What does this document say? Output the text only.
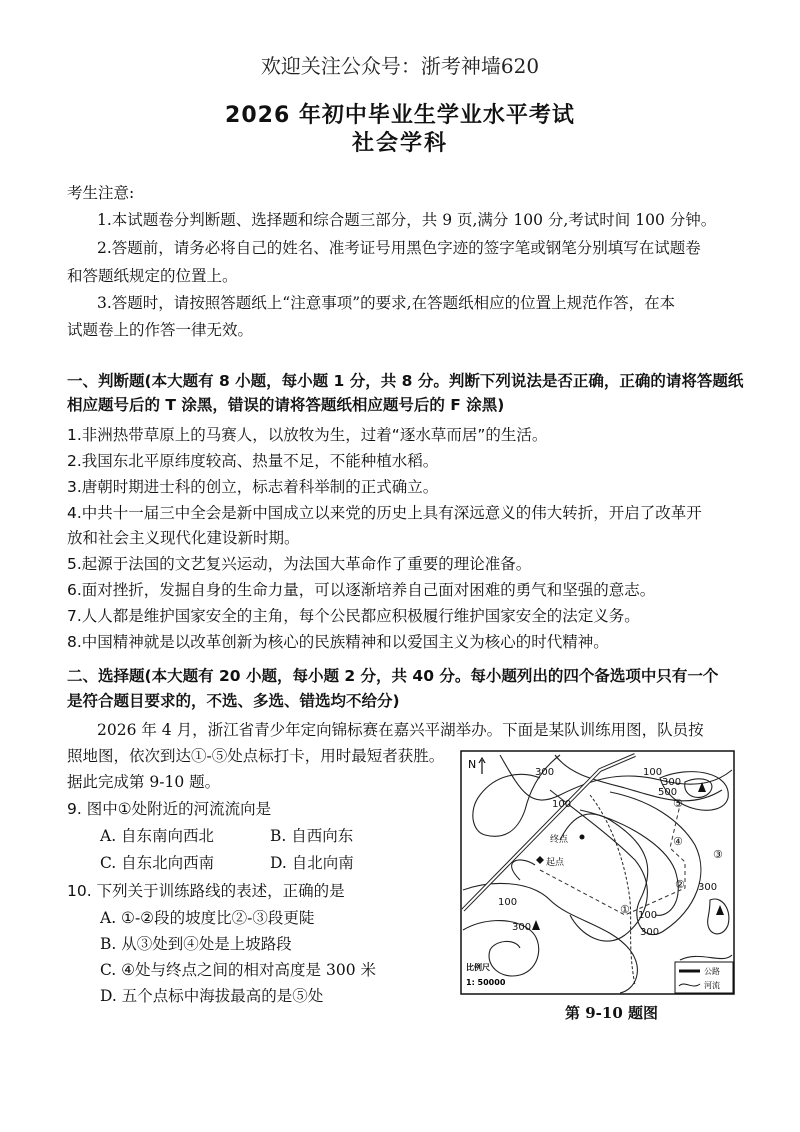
欢迎关注公众号：浙考神墙620
2026 年初中毕业生学业水平考试
社会学科
考生注意:
1.本试题卷分判断题、选择题和综合题三部分，共 9 页,满分 100 分,考试时间 100 分钟。
2.答题前，请务必将自己的姓名、准考证号用黑色字迹的签字笔或钢笔分别填写在试题卷
和答题纸规定的位置上。
3.答题时，请按照答题纸上“注意事项”的要求,在答题纸相应的位置上规范作答，在本
试题卷上的作答一律无效。
一、判断题(本大题有 8 小题，每小题 1 分，共 8 分。判断下列说法是否正确，正确的请将答题纸
相应题号后的 T 涂黑，错误的请将答题纸相应题号后的 F 涂黑)
1.非洲热带草原上的马赛人，以放牧为生，过着“逐水草而居”的生活。
2.我国东北平原纬度较高、热量不足，不能种植水稻。
3.唐朝时期进士科的创立，标志着科举制的正式确立。
4.中共十一届三中全会是新中国成立以来党的历史上具有深远意义的伟大转折，开启了改革开
放和社会主义现代化建设新时期。
5.起源于法国的文艺复兴运动，为法国大革命作了重要的理论准备。
6.面对挫折，发掘自身的生命力量，可以逐渐培养自己面对困难的勇气和坚强的意志。
7.人人都是维护国家安全的主角，每个公民都应积极履行维护国家安全的法定义务。
8.中国精神就是以改革创新为核心的民族精神和以爱国主义为核心的时代精神。
二、选择题(本大题有 20 小题，每小题 2 分，共 40 分。每小题列出的四个备选项中只有一个
是符合题目要求的，不选、多选、错选均不给分)
2026 年 4 月，浙江省青少年定向锦标赛在嘉兴平湖举办。下面是某队训练用图，队员按
照地图，依次到达①-⑤处点标打卡，用时最短者获胜。
据此完成第 9-10 题。
9. 图中①处附近的河流流向是
A. 自东南向西北	B. 自西向东
C. 自东北向西南	D. 自北向南
10. 下列关于训练路线的表述，正确的是
A. ①-②段的坡度比②-③段更陡
B. 从③处到④处是上坡路段
C. ④处与终点之间的相对高度是 300 米
D. 五个点标中海拔最高的是⑤处
N
300
100
300
500
100
100
300
300
100
300
①
②
③
④
⑤
终点
起点
比例尺
1: 50000
公路
河流
第 9-10 题图
